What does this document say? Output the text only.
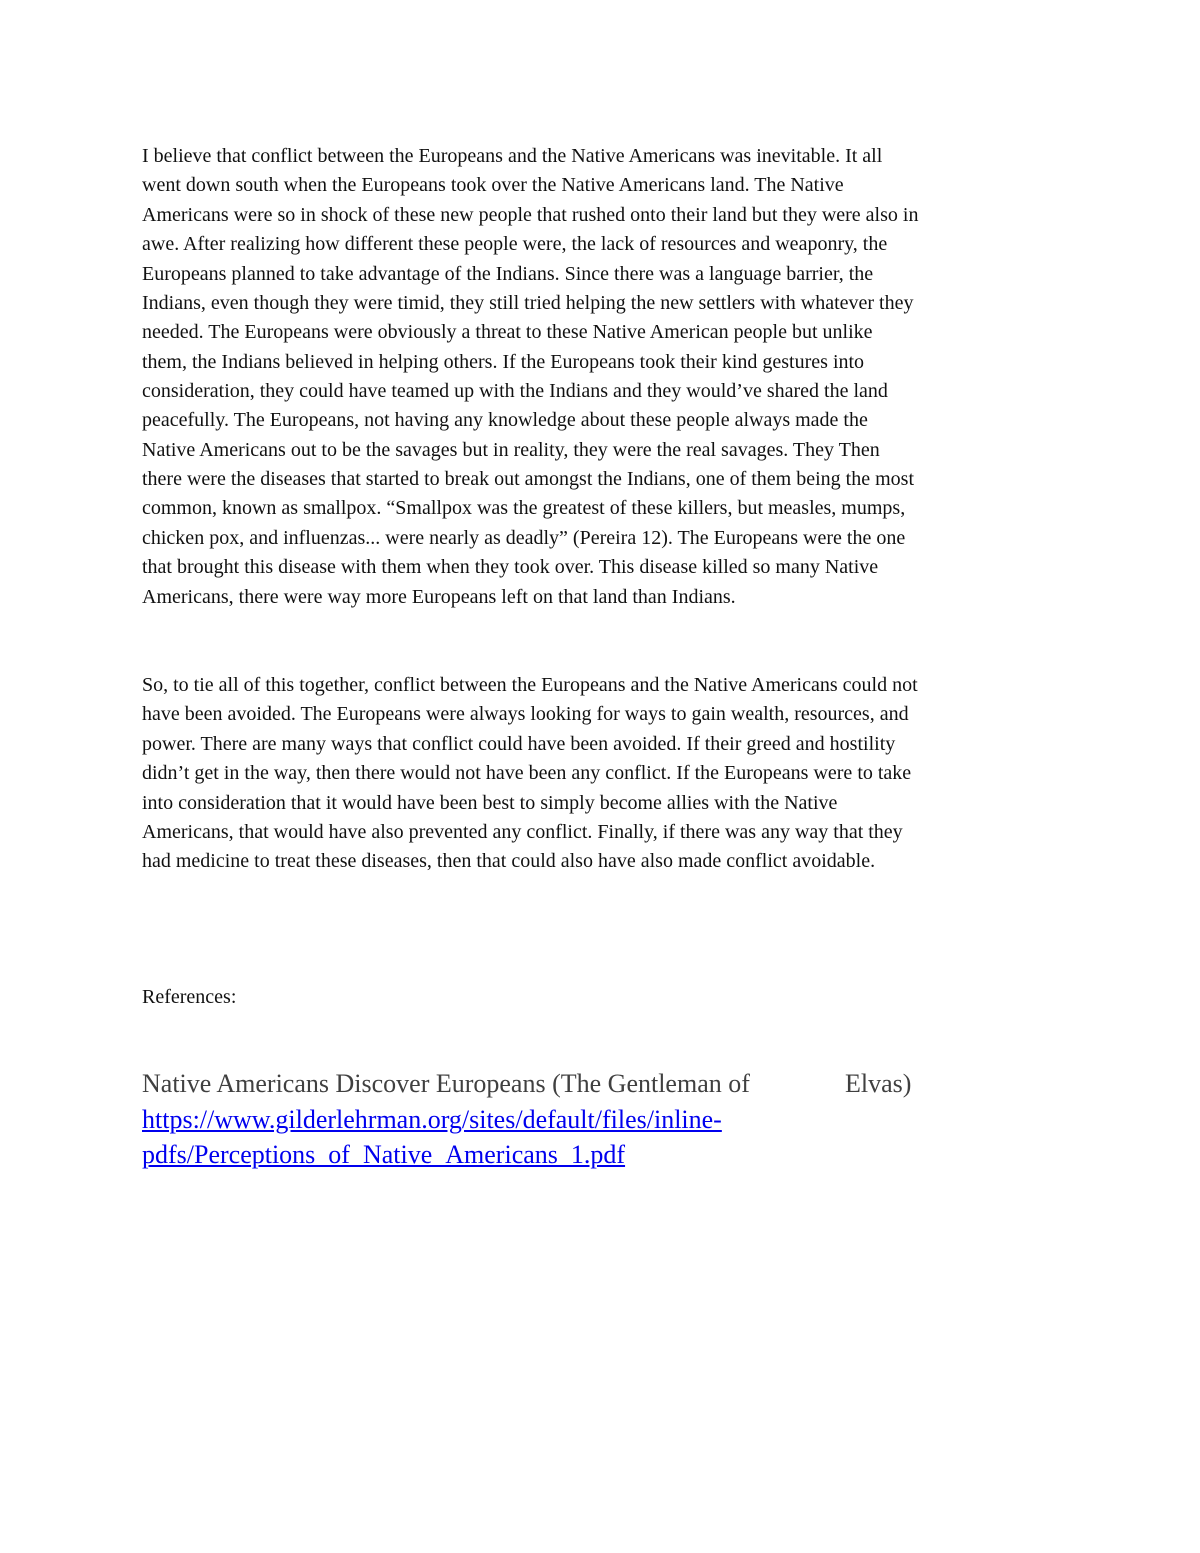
I believe that conflict between the Europeans and the Native Americans was inevitable. It all
went down south when the Europeans took over the Native Americans land. The Native
Americans were so in shock of these new people that rushed onto their land but they were also in
awe. After realizing how different these people were, the lack of resources and weaponry, the
Europeans planned to take advantage of the Indians. Since there was a language barrier, the
Indians, even though they were timid, they still tried helping the new settlers with whatever they
needed. The Europeans were obviously a threat to these Native American people but unlike
them, the Indians believed in helping others. If the Europeans took their kind gestures into
consideration, they could have teamed up with the Indians and they would’ve shared the land
peacefully. The Europeans, not having any knowledge about these people always made the
Native Americans out to be the savages but in reality, they were the real savages. They Then
there were the diseases that started to break out amongst the Indians, one of them being the most
common, known as smallpox. “Smallpox was the greatest of these killers, but measles, mumps,
chicken pox, and influenzas... were nearly as deadly” (Pereira 12). The Europeans were the one
that brought this disease with them when they took over. This disease killed so many Native
Americans, there were way more Europeans left on that land than Indians.
So, to tie all of this together, conflict between the Europeans and the Native Americans could not
have been avoided. The Europeans were always looking for ways to gain wealth, resources, and
power. There are many ways that conflict could have been avoided. If their greed and hostility
didn’t get in the way, then there would not have been any conflict. If the Europeans were to take
into consideration that it would have been best to simply become allies with the Native
Americans, that would have also prevented any conflict. Finally, if there was any way that they
had medicine to treat these diseases, then that could also have also made conflict avoidable.
References:
Native Americans Discover Europeans (The Gentleman of	Elvas)
https://www.gilderlehrman.org/sites/default/files/inline-
pdfs/Perceptions_of_Native_Americans_1.pdf
